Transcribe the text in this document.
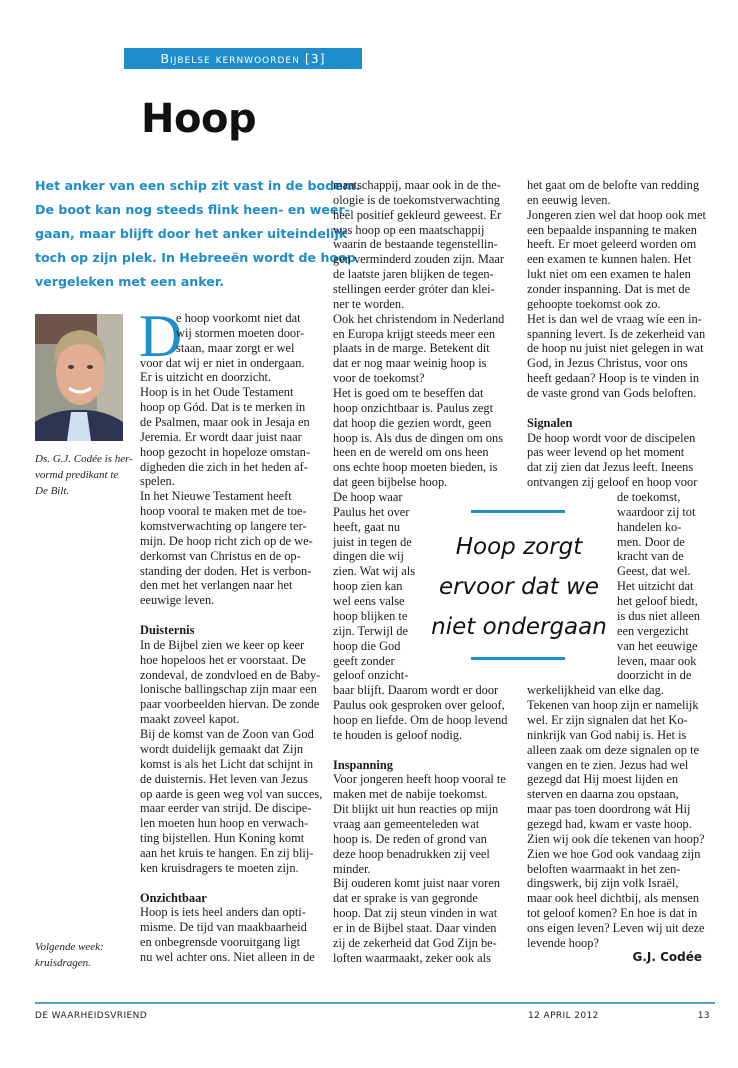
Bijbelse kernwoorden [3]
Hoop
Het anker van een schip zit vast in de bodem.
De boot kan nog steeds flink heen- en weer-
gaan, maar blijft door het anker uiteindelijk
toch op zijn plek. In Hebreeën wordt de hoop
vergeleken met een anker.
Ds. G.J. Codée is her-
vormd predikant te
De Bilt.
Volgende week:
kruisdragen.
D
e hoop voorkomt niet dat
wij stormen moeten door-
staan, maar zorgt er wel
voor dat wij er niet in ondergaan.
Er is uitzicht en doorzicht.
Hoop is in het Oude Testament
hoop op Gód. Dat is te merken in
de Psalmen, maar ook in Jesaja en
Jeremia. Er wordt daar juist naar
hoop gezocht in hopeloze omstan-
digheden die zich in het heden af-
spelen.
In het Nieuwe Testament heeft
hoop vooral te maken met de toe-
komstverwachting op langere ter-
mijn. De hoop richt zich op de we-
derkomst van Christus en de op-
standing der doden. Het is verbon-
den met het verlangen naar het
eeuwige leven.
Duisternis
In de Bijbel zien we keer op keer
hoe hopeloos het er voorstaat. De
zondeval, de zondvloed en de Baby-
lonische ballingschap zijn maar een
paar voorbeelden hiervan. De zonde
maakt zoveel kapot.
Bij de komst van de Zoon van God
wordt duidelijk gemaakt dat Zijn
komst is als het Licht dat schijnt in
de duisternis. Het leven van Jezus
op aarde is geen weg vol van succes,
maar eerder van strijd. De discipe-
len moeten hun hoop en verwach-
ting bijstellen. Hun Koning komt
aan het kruis te hangen. En zij blij-
ken kruisdragers te moeten zijn.
Onzichtbaar
Hoop is iets heel anders dan opti-
misme. De tijd van maakbaarheid
en onbegrensde vooruitgang ligt
nu wel achter ons. Niet alleen in de
maatschappij, maar ook in de the-
ologie is de toekomstverwachting
heel positief gekleurd geweest. Er
was hoop op een maatschappij
waarin de bestaande tegenstellin-
gen verminderd zouden zijn. Maar
de laatste jaren blijken de tegen-
stellingen eerder gróter dan klei-
ner te worden.
Ook het christendom in Nederland
en Europa krijgt steeds meer een
plaats in de marge. Betekent dit
dat er nog maar weinig hoop is
voor de toekomst?
Het is goed om te beseffen dat
hoop onzichtbaar is. Paulus zegt
dat hoop die gezien wordt, geen
hoop is. Als dus de dingen om ons
heen en de wereld om ons heen
ons echte hoop moeten bieden, is
dat geen bijbelse hoop.
De hoop waar
Paulus het over
heeft, gaat nu
juist in tegen de
dingen die wij
zien. Wat wij als
hoop zien kan
wel eens valse
hoop blijken te
zijn. Terwijl de
hoop die God
geeft zonder
geloof onzicht-
baar blijft. Daarom wordt er door
Paulus ook gesproken over geloof,
hoop en liefde. Om de hoop levend
te houden is geloof nodig.
Inspanning
Voor jongeren heeft hoop vooral te
maken met de nabije toekomst.
Dit blijkt uit hun reacties op mijn
vraag aan gemeenteleden wat
hoop is. De reden of grond van
deze hoop benadrukken zij veel
minder.
Bij ouderen komt juist naar voren
dat er sprake is van gegronde
hoop. Dat zij steun vinden in wat
er in de Bijbel staat. Daar vinden
zij de zekerheid dat God Zijn be-
loften waarmaakt, zeker ook als
het gaat om de belofte van redding
en eeuwig leven.
Jongeren zien wel dat hoop ook met
een bepaalde inspanning te maken
heeft. Er moet geleerd worden om
een examen te kunnen halen. Het
lukt niet om een examen te halen
zonder inspanning. Dat is met de
gehoopte toekomst ook zo.
Het is dan wel de vraag wíe een in-
spanning levert. Is de zekerheid van
de hoop nu juist niet gelegen in wat
God, in Jezus Christus, voor ons
heeft gedaan? Hoop is te vinden in
de vaste grond van Gods beloften.
Signalen
De hoop wordt voor de discipelen
pas weer levend op het moment
dat zij zien dat Jezus leeft. Ineens
ontvangen zij geloof en hoop voor
de toekomst,
waardoor zij tot
handelen ko-
men. Door de
kracht van de
Geest, dat wel.
Het uitzicht dat
het geloof biedt,
is dus niet alleen
een vergezicht
van het eeuwige
leven, maar ook
doorzicht in de
werkelijkheid van elke dag.
Tekenen van hoop zijn er namelijk
wel. Er zijn signalen dat het Ko-
ninkrijk van God nabij is. Het is
alleen zaak om deze signalen op te
vangen en te zien. Jezus had wel
gezegd dat Hij moest lijden en
sterven en daarna zou opstaan,
maar pas toen doordrong wát Hij
gezegd had, kwam er vaste hoop.
Zien wij ook díe tekenen van hoop?
Zien we hoe God ook vandaag zijn
beloften waarmaakt in het zen-
dingswerk, bij zijn volk Israël,
maar ook heel dichtbij, als mensen
tot geloof komen? En hoe is dat in
ons eigen leven? Leven wij uit deze
levende hoop?
Hoop zorgt
ervoor dat we
niet ondergaan
G.J. Codée
DE WAARHEIDSVRIEND	12 APRIL 2012	13
